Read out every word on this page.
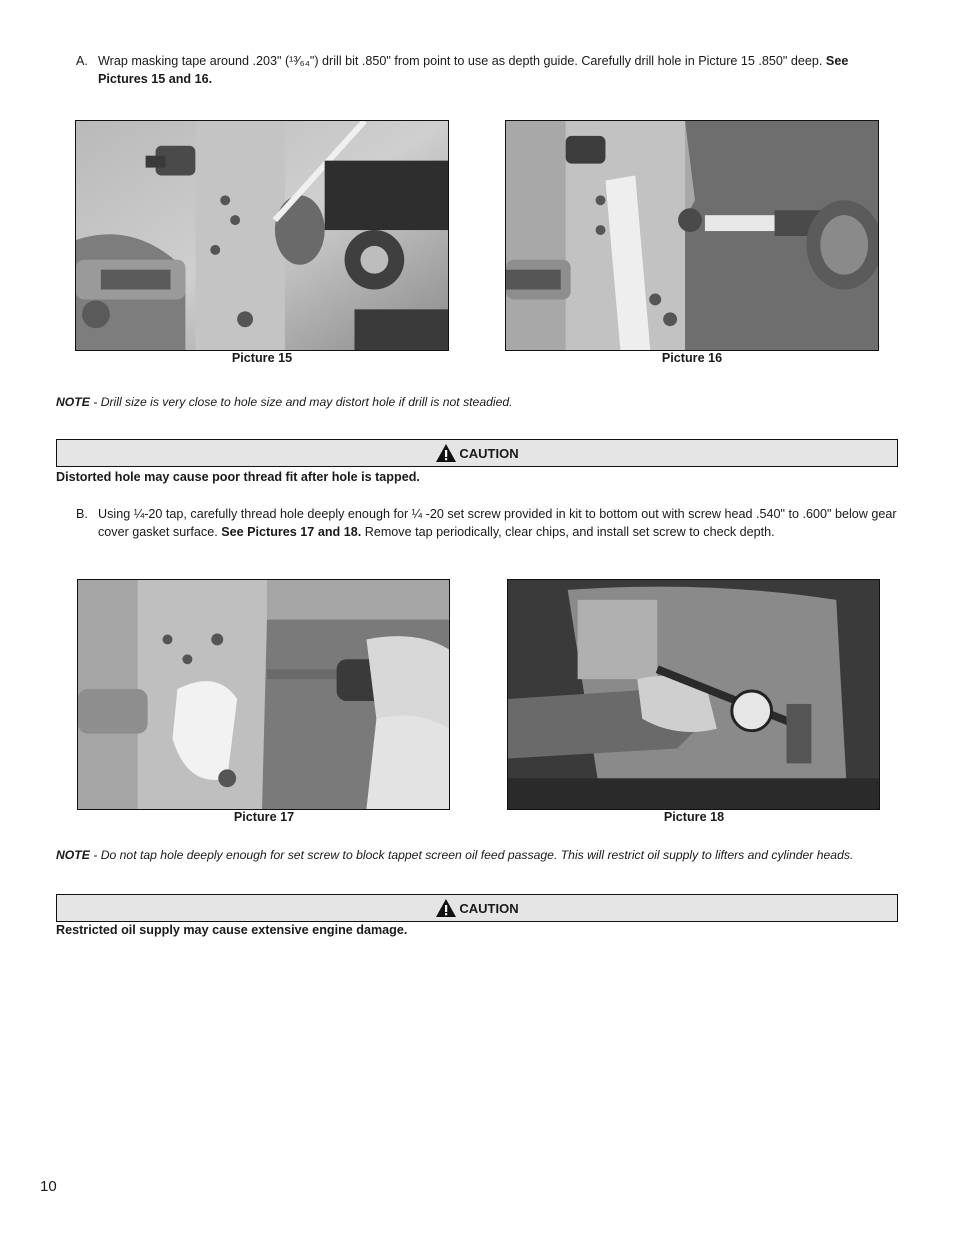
A. Wrap masking tape around .203" (¹³⁄₆₄") drill bit .850" from point to use as depth guide. Carefully drill hole in Picture 15 .850" deep. See Pictures 15 and 16.
Picture 15	Picture 16
NOTE - Drill size is very close to hole size and may distort hole if drill is not steadied.
CAUTION
Distorted hole may cause poor thread fit after hole is tapped.
B. Using ¼-20 tap, carefully thread hole deeply enough for ¼ -20 set screw provided in kit to bottom out with screw head .540" to .600" below gear cover gasket surface. See Pictures 17 and 18. Remove tap periodically, clear chips, and install set screw to check depth.
Picture 17	Picture 18
NOTE - Do not tap hole deeply enough for set screw to block tappet screen oil feed passage. This will restrict oil supply to lifters and cylinder heads.
CAUTION
Restricted oil supply may cause extensive engine damage.
10
